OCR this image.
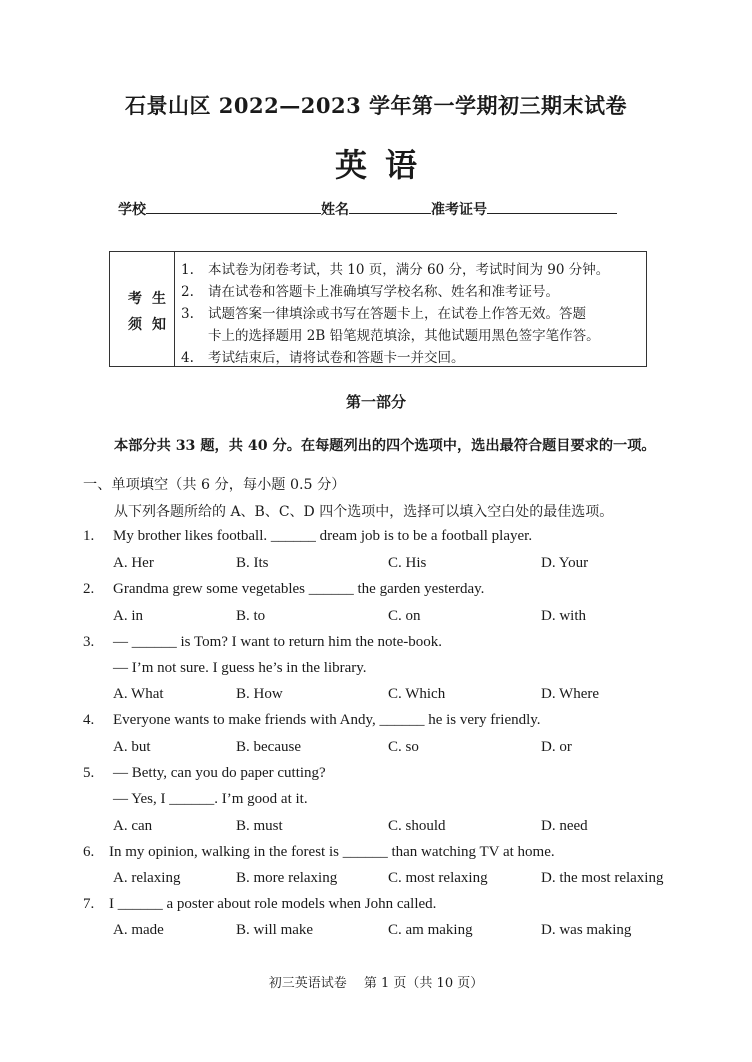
石景山区 2022—2023 学年第一学期初三期末试卷
英语
学校	姓名	准考证号
考生
须知
1. 本试卷为闭卷考试，共 10 页，满分 60 分，考试时间为 90 分钟。
2. 请在试卷和答题卡上准确填写学校名称、姓名和准考证号。
3. 试题答案一律填涂或书写在答题卡上，在试卷上作答无效。答题
卡上的选择题用 2B 铅笔规范填涂，其他试题用黑色签字笔作答。
4. 考试结束后，请将试卷和答题卡一并交回。
第一部分
本部分共 33 题，共 40 分。在每题列出的四个选项中，选出最符合题目要求的一项。
一、单项填空（共 6 分，每小题 0.5 分）
从下列各题所给的 A、B、C、D 四个选项中，选择可以填入空白处的最佳选项。
1. My brother likes football. ______ dream job is to be a football player.
A. Her	B. Its	C. His	D. Your
2. Grandma grew some vegetables ______ the garden yesterday.
A. in	B. to	C. on	D. with
3. — ______ is Tom? I want to return him the note-book.
— I’m not sure. I guess he’s in the library.
A. What	B. How	C. Which	D. Where
4. Everyone wants to make friends with Andy, ______ he is very friendly.
A. but	B. because	C. so	D. or
5. — Betty, can you do paper cutting?
— Yes, I ______. I’m good at it.
A. can	B. must	C. should	D. need
6. In my opinion, walking in the forest is ______ than watching TV at home.
A. relaxing	B. more relaxing	C. most relaxing	D. the most relaxing
7. I ______ a poster about role models when John called.
A. made	B. will make	C. am making	D. was making
初三英语试卷　 第 1 页（共 10 页）
